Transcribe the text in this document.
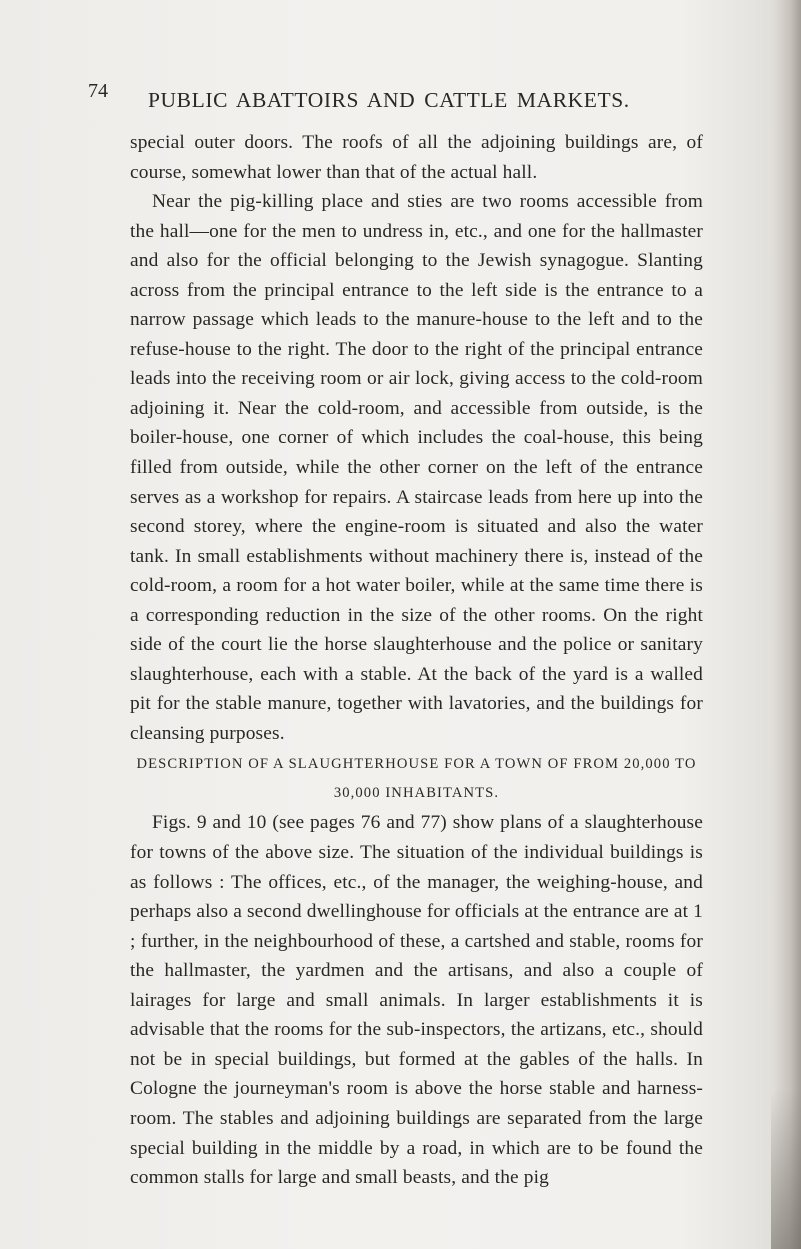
74 PUBLIC ABATTOIRS AND CATTLE MARKETS.

special outer doors. The roofs of all the adjoining buildings are, of course, somewhat lower than that of the actual hall.

Near the pig-killing place and sties are two rooms accessible from the hall—one for the men to undress in, etc., and one for the hallmaster and also for the official belonging to the Jewish synagogue. Slanting across from the principal entrance to the left side is the entrance to a narrow passage which leads to the manure-house to the left and to the refuse-house to the right. The door to the right of the principal entrance leads into the receiving room or air lock, giving access to the cold-room adjoining it. Near the cold-room, and accessible from outside, is the boiler-house, one corner of which includes the coal-house, this being filled from outside, while the other corner on the left of the entrance serves as a workshop for repairs. A staircase leads from here up into the second storey, where the engine-room is situated and also the water tank. In small establishments without machinery there is, instead of the cold-room, a room for a hot water boiler, while at the same time there is a corresponding reduction in the size of the other rooms. On the right side of the court lie the horse slaughterhouse and the police or sanitary slaughterhouse, each with a stable. At the back of the yard is a walled pit for the stable manure, together with lavatories, and the buildings for cleansing purposes.

DESCRIPTION OF A SLAUGHTERHOUSE FOR A TOWN OF FROM 20,000 TO 30,000 INHABITANTS.

Figs. 9 and 10 (see pages 76 and 77) show plans of a slaughterhouse for towns of the above size. The situation of the individual buildings is as follows : The offices, etc., of the manager, the weighing-house, and perhaps also a second dwellinghouse for officials at the entrance are at 1 ; further, in the neighbourhood of these, a cartshed and stable, rooms for the hallmaster, the yardmen and the artisans, and also a couple of lairages for large and small animals. In larger establishments it is advisable that the rooms for the sub-inspectors, the artizans, etc., should not be in special buildings, but formed at the gables of the halls. In Cologne the journeyman's room is above the horse stable and harness-room. The stables and adjoining buildings are separated from the large special building in the middle by a road, in which are to be found the common stalls for large and small beasts, and the pig
